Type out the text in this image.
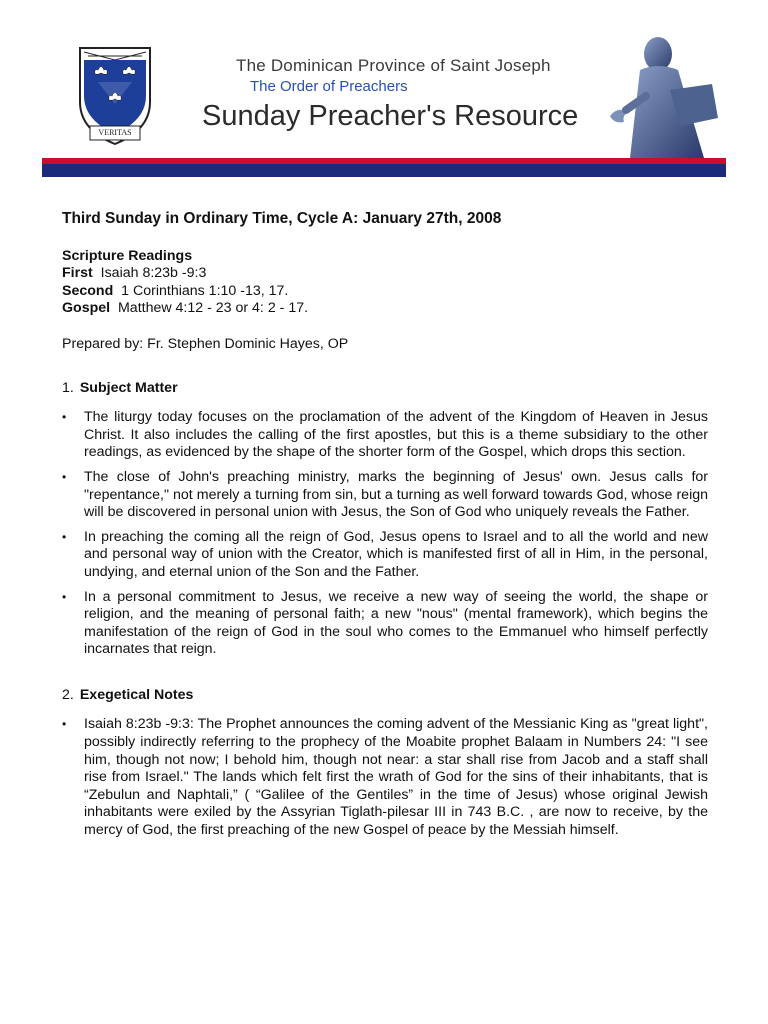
VERITAS
The Dominican Province of Saint Joseph
The Order of Preachers
Sunday Preacher's Resource

Third Sunday in Ordinary Time, Cycle A: January 27th, 2008

Scripture Readings

First Isaiah 8:23b -9:3

Second 1 Corinthians 1:10 -13, 17.

Gospel Matthew 4:12 - 23 or 4: 2 - 17.

Prepared by: Fr. Stephen Dominic Hayes, OP

1. Subject Matter
• The liturgy today focuses on the proclamation of the advent of the Kingdom of Heaven in Jesus Christ. It also includes the calling of the first apostles, but this is a theme subsidiary to the other readings, as evidenced by the shape of the shorter form of the Gospel, which drops this section.
• The close of John's preaching ministry, marks the beginning of Jesus' own. Jesus calls for "repentance," not merely a turning from sin, but a turning as well forward towards God, whose reign will be discovered in personal union with Jesus, the Son of God who uniquely reveals the Father.
• In preaching the coming all the reign of God, Jesus opens to Israel and to all the world and new and personal way of union with the Creator, which is manifested first of all in Him, in the personal, undying, and eternal union of the Son and the Father.
• In a personal commitment to Jesus, we receive a new way of seeing the world, the shape or religion, and the meaning of personal faith; a new "nous" (mental framework), which begins the manifestation of the reign of God in the soul who comes to the Emmanuel who himself perfectly incarnates that reign.
2. Exegetical Notes
• Isaiah 8:23b -9:3: The Prophet announces the coming advent of the Messianic King as "great light", possibly indirectly referring to the prophecy of the Moabite prophet Balaam in Numbers 24: "I see him, though not now; I behold him, though not near: a star shall rise from Jacob and a staff shall rise from Israel." The lands which felt first the wrath of God for the sins of their inhabitants, that is “Zebulun and Naphtali,” ( “Galilee of the Gentiles” in the time of Jesus) whose original Jewish inhabitants were exiled by the Assyrian Tiglath-pilesar III in 743 B.C. , are now to receive, by the mercy of God, the first preaching of the new Gospel of peace by the Messiah himself.
